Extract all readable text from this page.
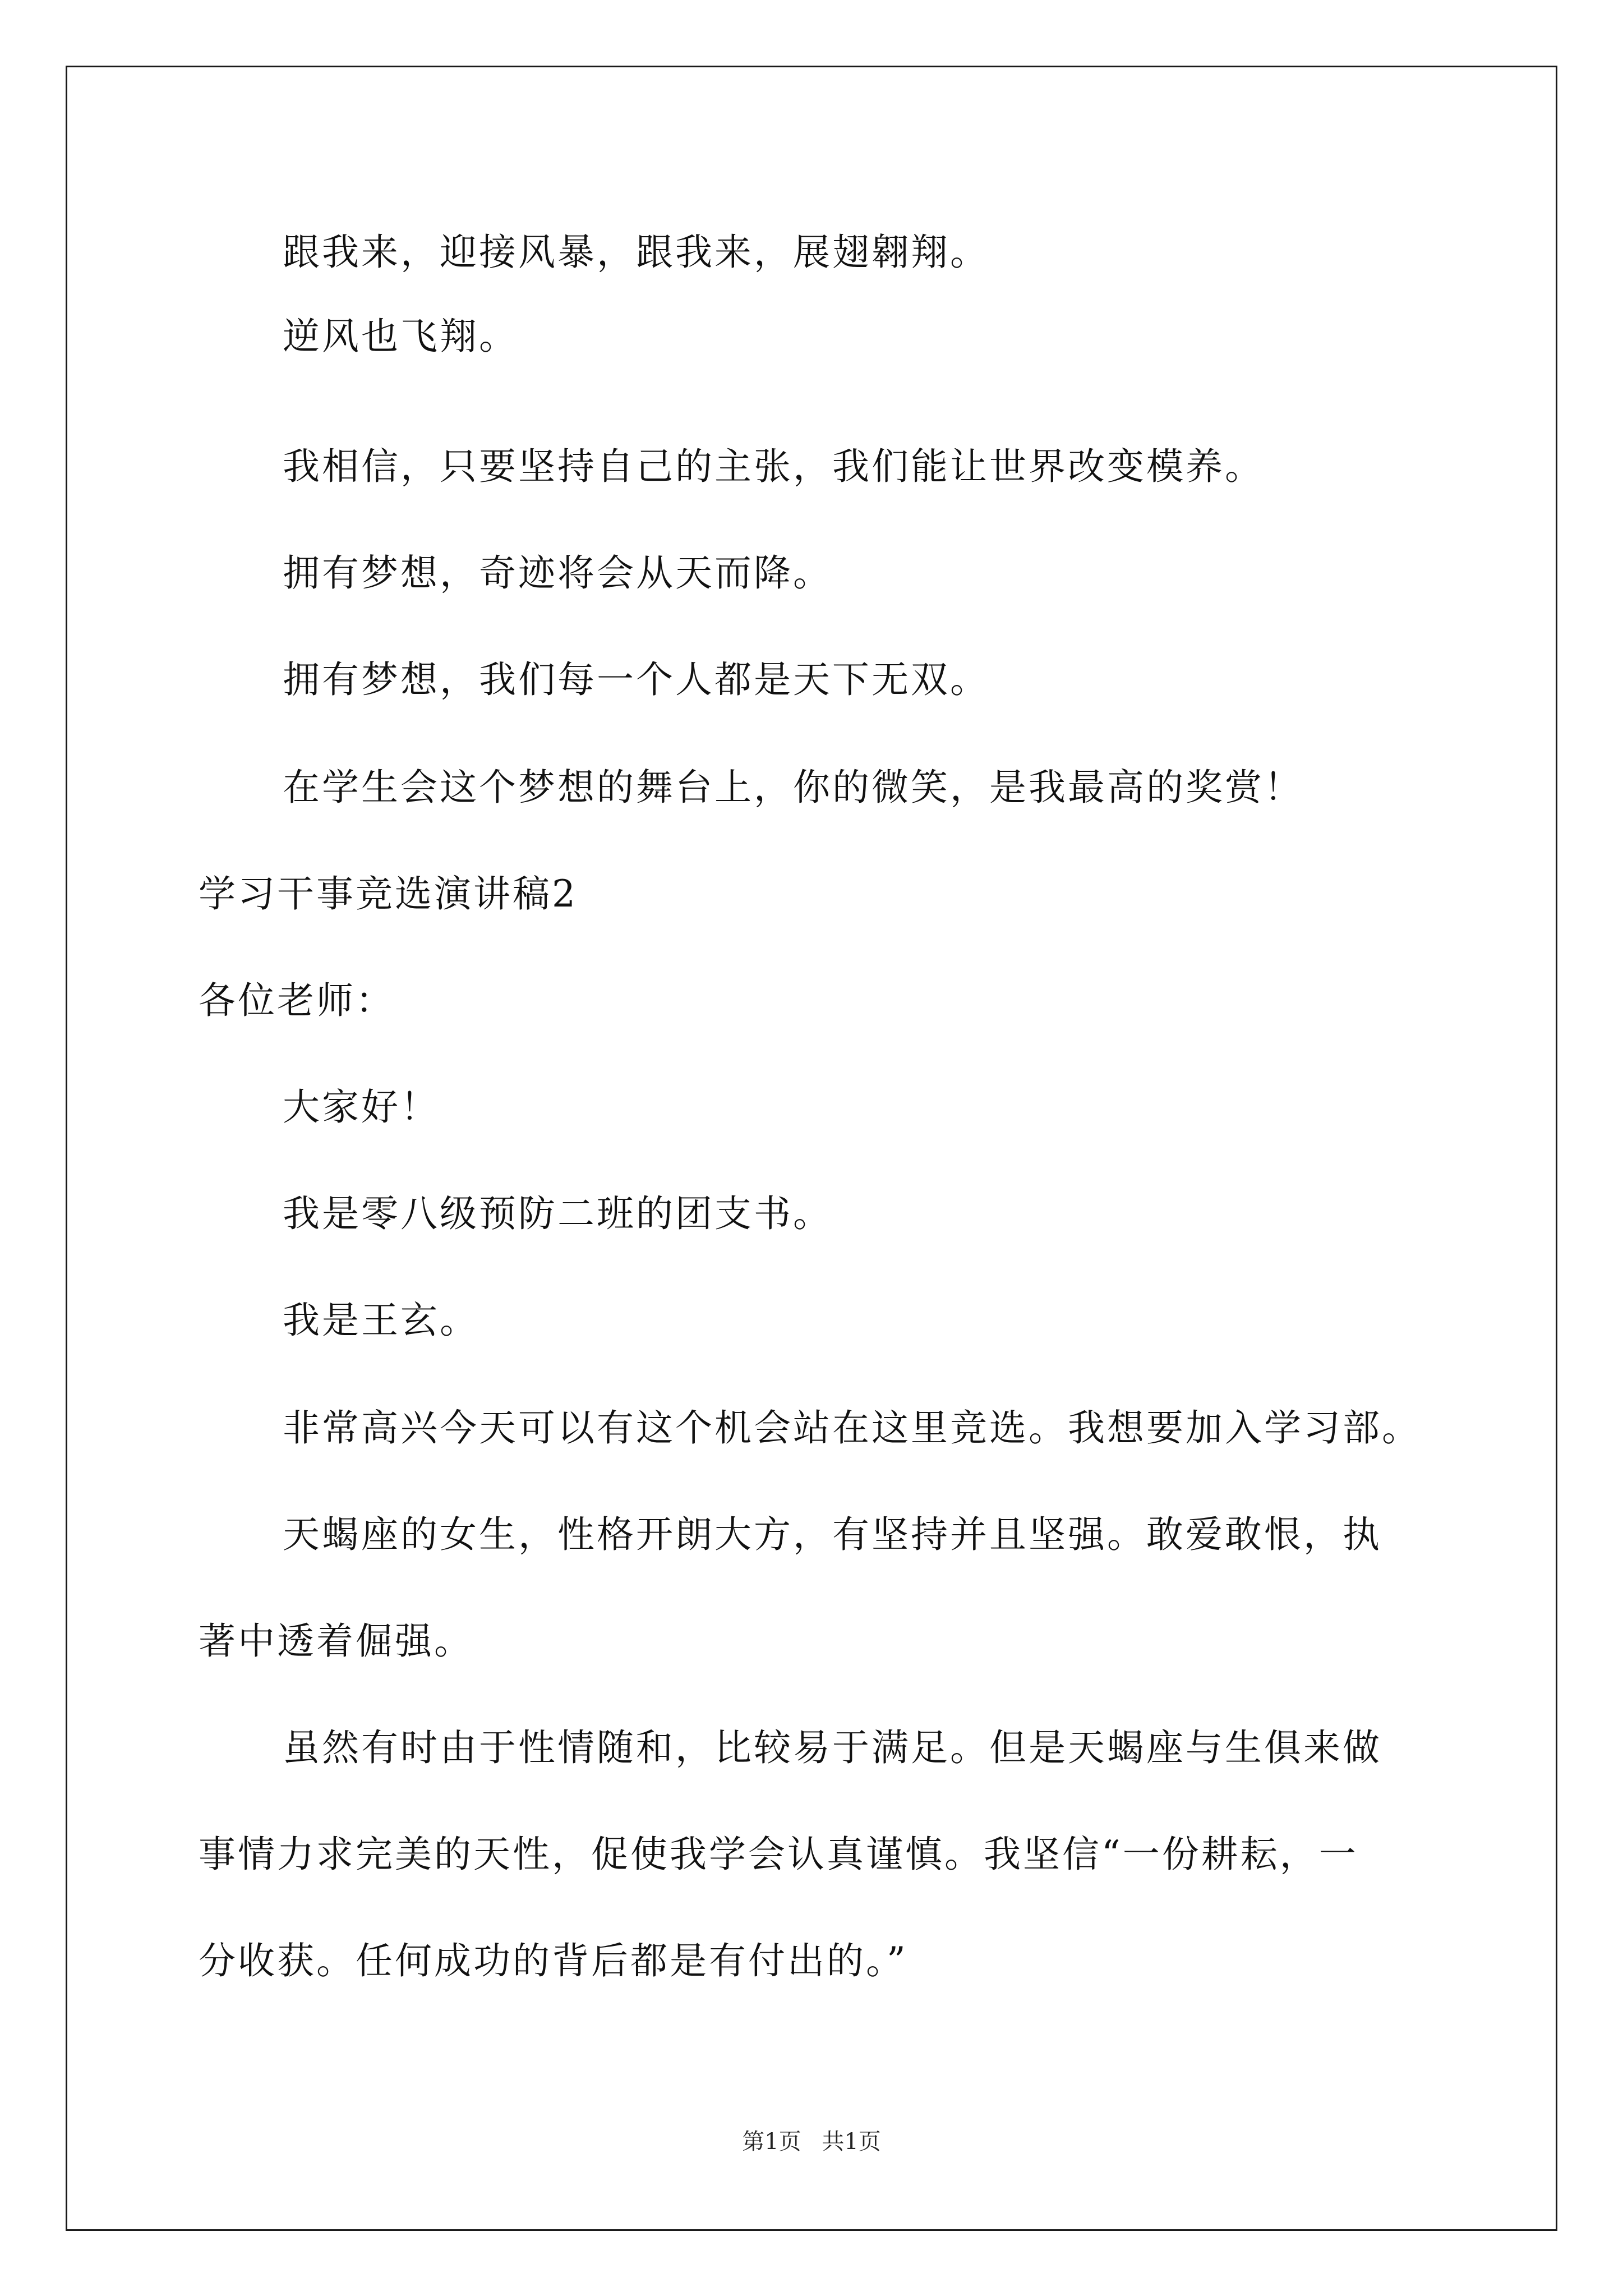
跟我来，迎接风暴，跟我来，展翅翱翔。
逆风也飞翔。
我相信，只要坚持自己的主张，我们能让世界改变模养。
拥有梦想，奇迹将会从天而降。
拥有梦想，我们每一个人都是天下无双。
在学生会这个梦想的舞台上，你的微笑，是我最高的奖赏！
学习干事竞选演讲稿2
各位老师：
大家好！
我是零八级预防二班的团支书。
我是王玄。
非常高兴今天可以有这个机会站在这里竞选。我想要加入学习部。
天蝎座的女生，性格开朗大方，有坚持并且坚强。敢爱敢恨，执
著中透着倔强。
虽然有时由于性情随和，比较易于满足。但是天蝎座与生俱来做
事情力求完美的天性，促使我学会认真谨慎。我坚信“一份耕耘，一
分收获。任何成功的背后都是有付出的。”
第1页 共1页
